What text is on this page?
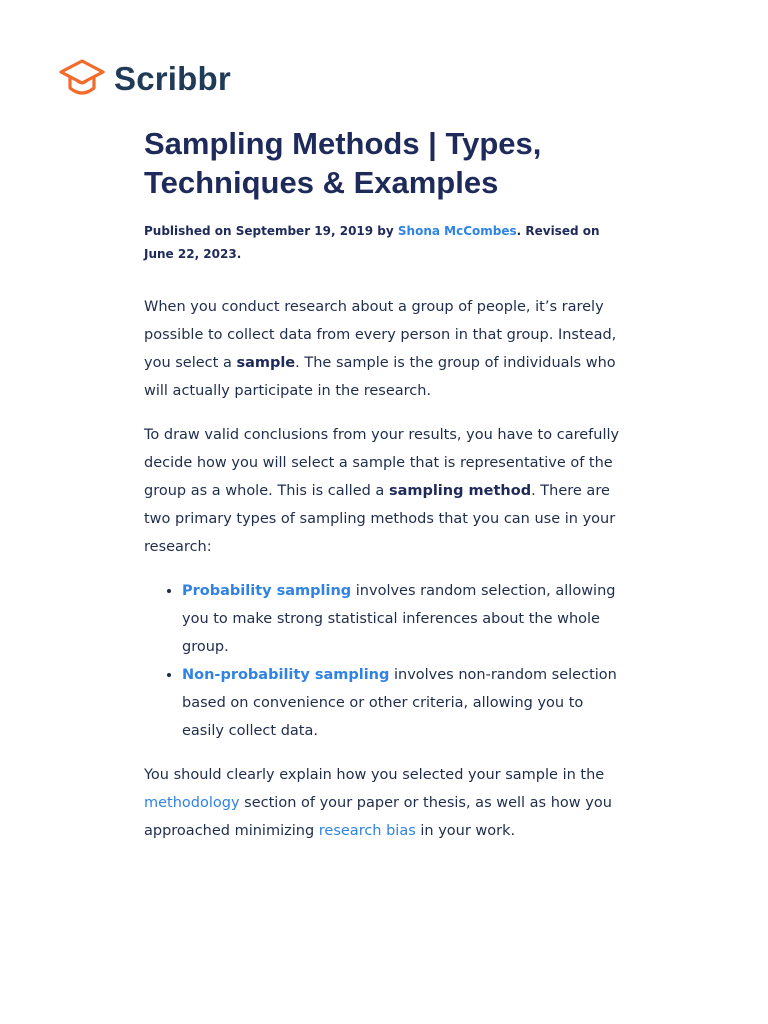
Scribbr
Sampling Methods | Types,
Techniques & Examples
Published on September 19, 2019 by Shona McCombes. Revised on June 22, 2023.

When you conduct research about a group of people, it’s rarely possible to collect data from every person in that group. Instead, you select a sample. The sample is the group of individuals who will actually participate in the research.

To draw valid conclusions from your results, you have to carefully decide how you will select a sample that is representative of the group as a whole. This is called a sampling method. There are two primary types of sampling methods that you can use in your research:

• Probability sampling involves random selection, allowing you to make strong statistical inferences about the whole group.
• Non-probability sampling involves non-random selection based on convenience or other criteria, allowing you to easily collect data.

You should clearly explain how you selected your sample in the methodology section of your paper or thesis, as well as how you approached minimizing research bias in your work.
